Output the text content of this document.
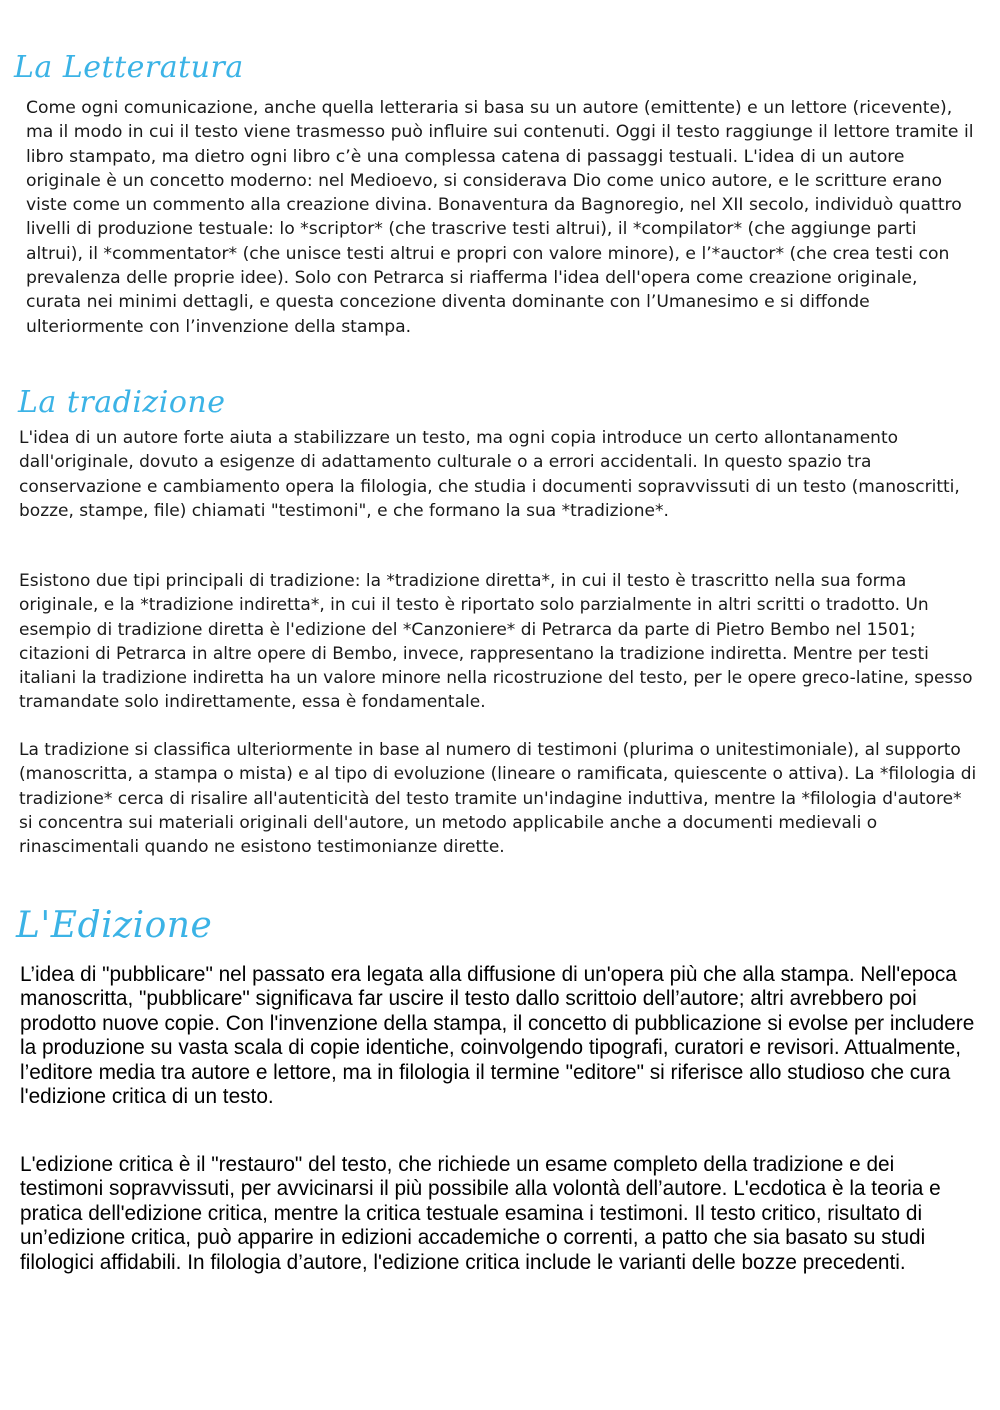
La Letteratura

Come ogni comunicazione, anche quella letteraria si basa su un autore (emittente) e un lettore (ricevente), ma il modo in cui il testo viene trasmesso può influire sui contenuti. Oggi il testo raggiunge il lettore tramite il libro stampato, ma dietro ogni libro c’è una complessa catena di passaggi testuali. L'idea di un autore originale è un concetto moderno: nel Medioevo, si considerava Dio come unico autore, e le scritture erano viste come un commento alla creazione divina. Bonaventura da Bagnoregio, nel XII secolo, individuò quattro livelli di produzione testuale: lo *scriptor* (che trascrive testi altrui), il *compilator* (che aggiunge parti altrui), il *commentator* (che unisce testi altrui e propri con valore minore), e l’*auctor* (che crea testi con prevalenza delle proprie idee). Solo con Petrarca si riafferma l'idea dell'opera come creazione originale, curata nei minimi dettagli, e questa concezione diventa dominante con l’Umanesimo e si diffonde ulteriormente con l’invenzione della stampa.

La tradizione

L'idea di un autore forte aiuta a stabilizzare un testo, ma ogni copia introduce un certo allontanamento dall'originale, dovuto a esigenze di adattamento culturale o a errori accidentali. In questo spazio tra conservazione e cambiamento opera la filologia, che studia i documenti sopravvissuti di un testo (manoscritti, bozze, stampe, file) chiamati "testimoni", e che formano la sua *tradizione*.

Esistono due tipi principali di tradizione: la *tradizione diretta*, in cui il testo è trascritto nella sua forma originale, e la *tradizione indiretta*, in cui il testo è riportato solo parzialmente in altri scritti o tradotto. Un esempio di tradizione diretta è l'edizione del *Canzoniere* di Petrarca da parte di Pietro Bembo nel 1501; citazioni di Petrarca in altre opere di Bembo, invece, rappresentano la tradizione indiretta. Mentre per testi italiani la tradizione indiretta ha un valore minore nella ricostruzione del testo, per le opere greco-latine, spesso tramandate solo indirettamente, essa è fondamentale.

La tradizione si classifica ulteriormente in base al numero di testimoni (plurima o unitestimoniale), al supporto (manoscritta, a stampa o mista) e al tipo di evoluzione (lineare o ramificata, quiescente o attiva). La *filologia di tradizione* cerca di risalire all'autenticità del testo tramite un'indagine induttiva, mentre la *filologia d'autore* si concentra sui materiali originali dell'autore, un metodo applicabile anche a documenti medievali o rinascimentali quando ne esistono testimonianze dirette.

L'Edizione

L’idea di "pubblicare" nel passato era legata alla diffusione di un'opera più che alla stampa. Nell'epoca manoscritta, "pubblicare" significava far uscire il testo dallo scrittoio dell’autore; altri avrebbero poi prodotto nuove copie. Con l'invenzione della stampa, il concetto di pubblicazione si evolse per includere la produzione su vasta scala di copie identiche, coinvolgendo tipografi, curatori e revisori. Attualmente, l’editore media tra autore e lettore, ma in filologia il termine "editore" si riferisce allo studioso che cura l'edizione critica di un testo.

L'edizione critica è il "restauro" del testo, che richiede un esame completo della tradizione e dei testimoni sopravvissuti, per avvicinarsi il più possibile alla volontà dell’autore. L'ecdotica è la teoria e pratica dell'edizione critica, mentre la critica testuale esamina i testimoni. Il testo critico, risultato di un’edizione critica, può apparire in edizioni accademiche o correnti, a patto che sia basato su studi filologici affidabili. In filologia d’autore, l'edizione critica include le varianti delle bozze precedenti.
